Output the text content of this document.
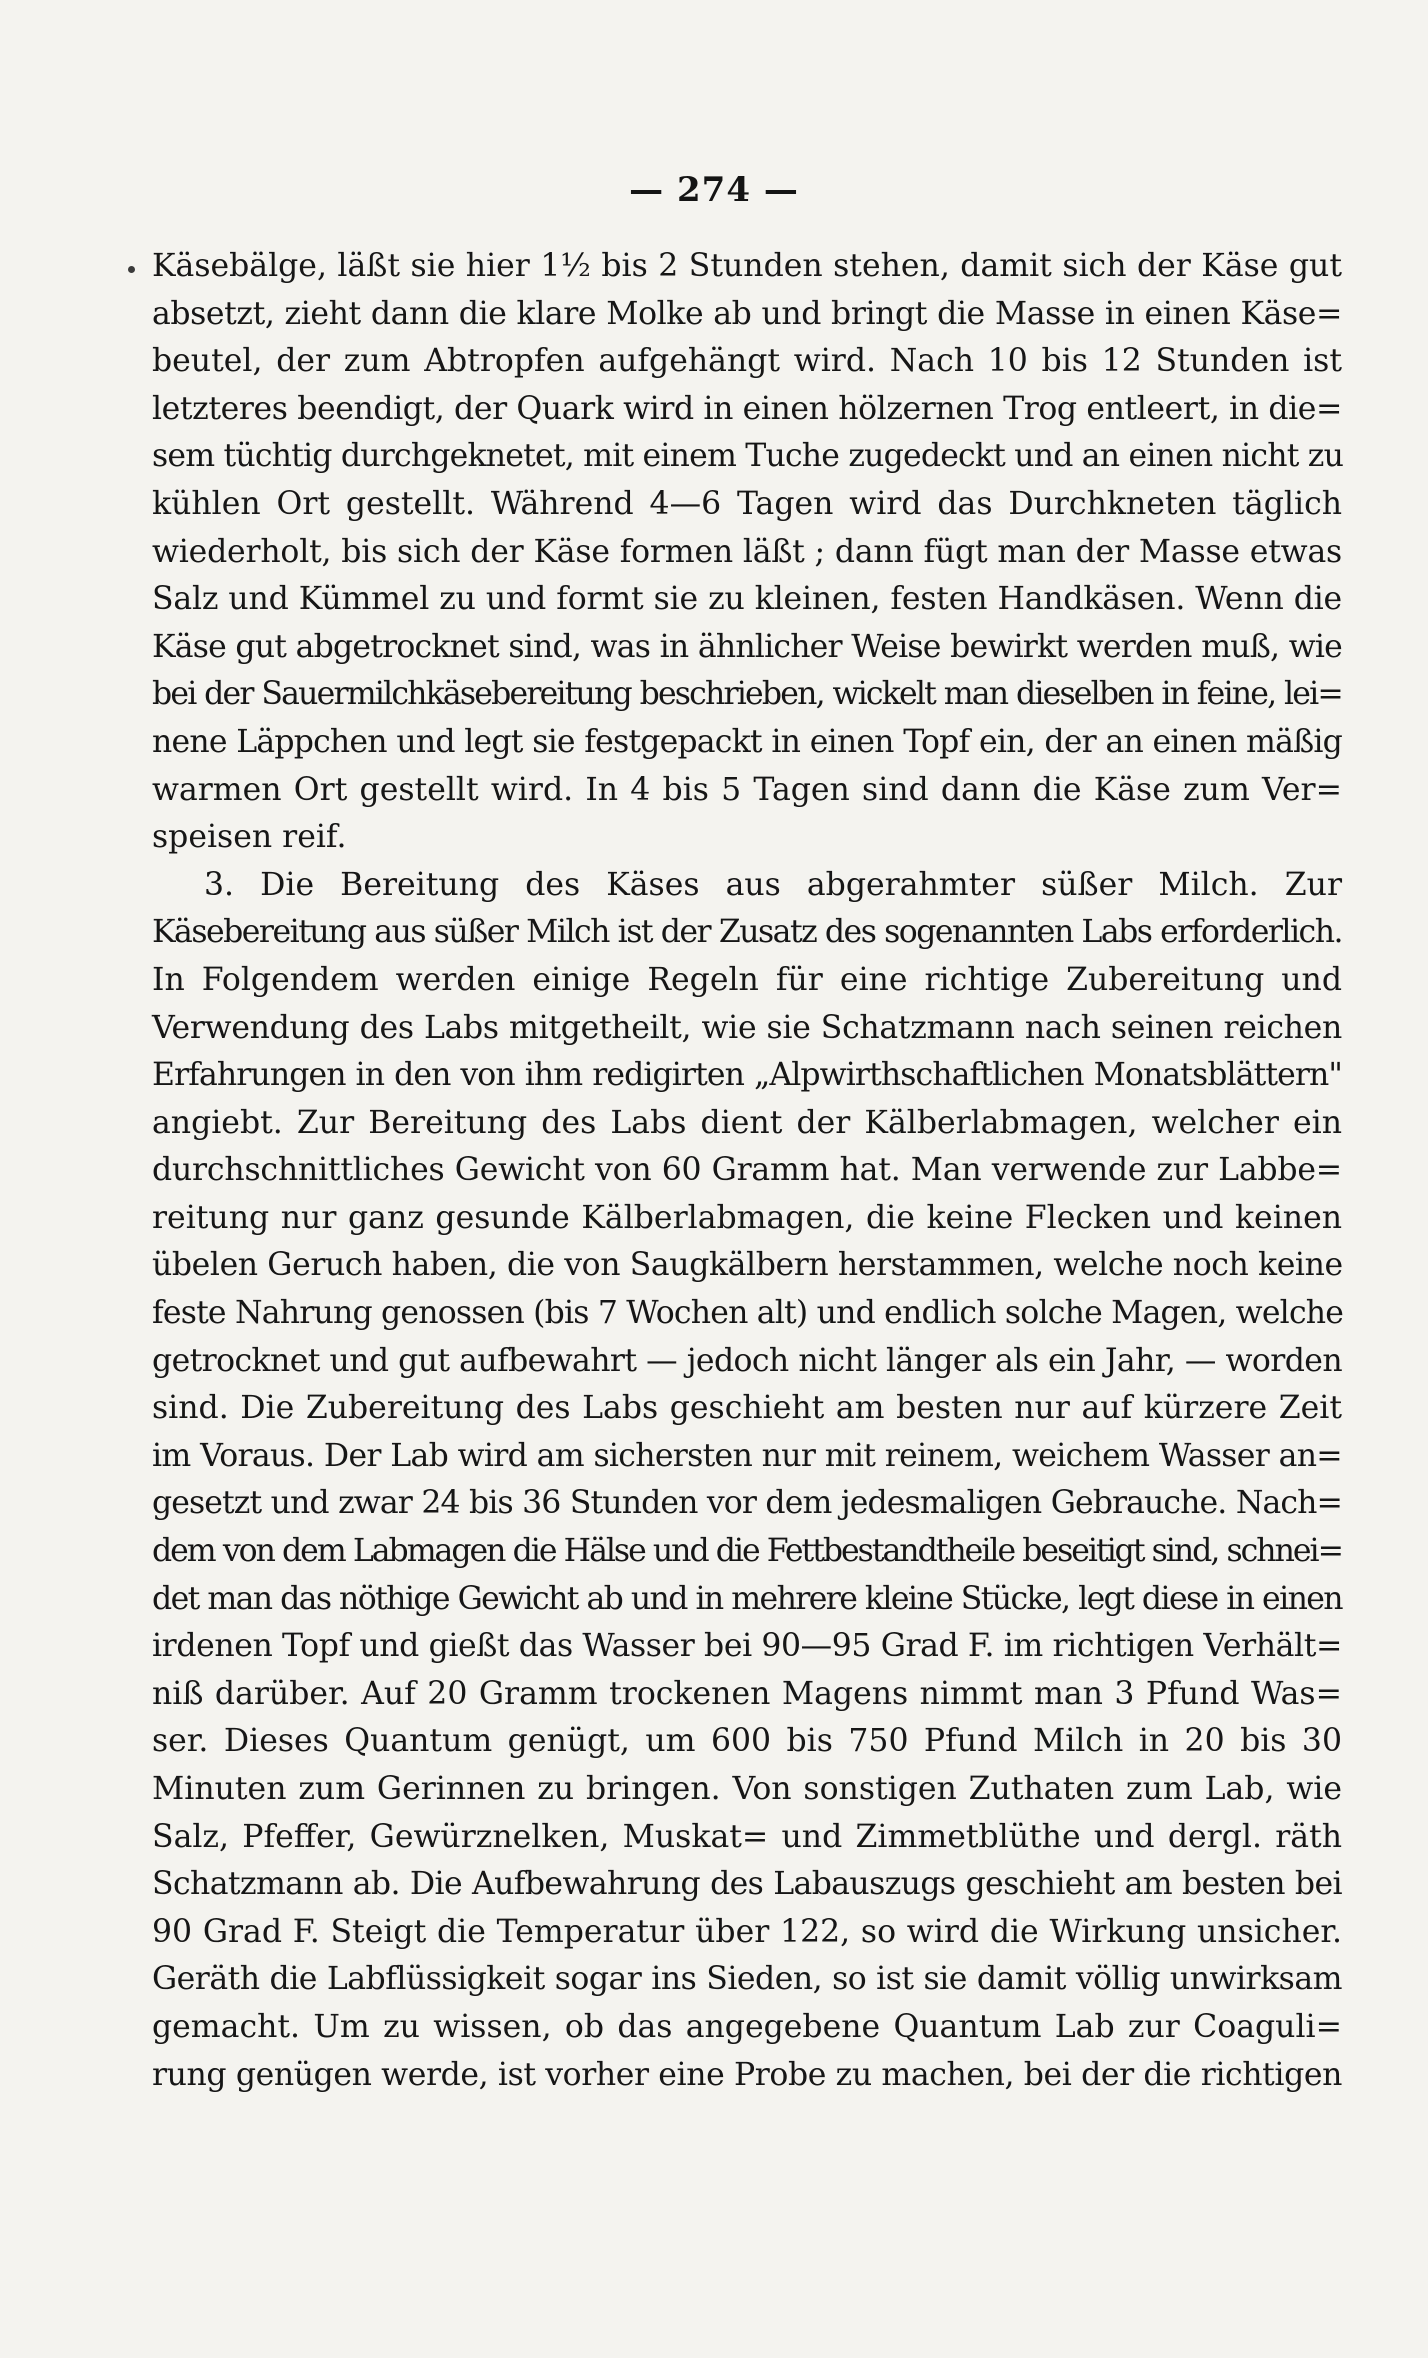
— 274 —
Käsebälge, läßt sie hier 1½ bis 2 Stunden stehen, damit sich der Käse gut
absetzt, zieht dann die klare Molke ab und bringt die Masse in einen Käse=
beutel, der zum Abtropfen aufgehängt wird. Nach 10 bis 12 Stunden ist
letzteres beendigt, der Quark wird in einen hölzernen Trog entleert, in die=
sem tüchtig durchgeknetet, mit einem Tuche zugedeckt und an einen nicht zu
kühlen Ort gestellt. Während 4—6 Tagen wird das Durchkneten täglich
wiederholt, bis sich der Käse formen läßt ; dann fügt man der Masse etwas
Salz und Kümmel zu und formt sie zu kleinen, festen Handkäsen. Wenn die
Käse gut abgetrocknet sind, was in ähnlicher Weise bewirkt werden muß, wie
bei der Sauermilchkäsebereitung beschrieben, wickelt man dieselben in feine, lei=
nene Läppchen und legt sie festgepackt in einen Topf ein, der an einen mäßig
warmen Ort gestellt wird. In 4 bis 5 Tagen sind dann die Käse zum Ver=
speisen reif.
3. Die Bereitung des Käses aus abgerahmter süßer Milch. Zur
Käsebereitung aus süßer Milch ist der Zusatz des sogenannten Labs erforderlich.
In Folgendem werden einige Regeln für eine richtige Zubereitung und
Verwendung des Labs mitgetheilt, wie sie Schatzmann nach seinen reichen
Erfahrungen in den von ihm redigirten „Alpwirthschaftlichen Monatsblättern"
angiebt. Zur Bereitung des Labs dient der Kälberlabmagen, welcher ein
durchschnittliches Gewicht von 60 Gramm hat. Man verwende zur Labbe=
reitung nur ganz gesunde Kälberlabmagen, die keine Flecken und keinen
übelen Geruch haben, die von Saugkälbern herstammen, welche noch keine
feste Nahrung genossen (bis 7 Wochen alt) und endlich solche Magen, welche
getrocknet und gut aufbewahrt — jedoch nicht länger als ein Jahr, — worden
sind. Die Zubereitung des Labs geschieht am besten nur auf kürzere Zeit
im Voraus. Der Lab wird am sichersten nur mit reinem, weichem Wasser an=
gesetzt und zwar 24 bis 36 Stunden vor dem jedesmaligen Gebrauche. Nach=
dem von dem Labmagen die Hälse und die Fettbestandtheile beseitigt sind, schnei=
det man das nöthige Gewicht ab und in mehrere kleine Stücke, legt diese in einen
irdenen Topf und gießt das Wasser bei 90—95 Grad F. im richtigen Verhält=
niß darüber. Auf 20 Gramm trockenen Magens nimmt man 3 Pfund Was=
ser. Dieses Quantum genügt, um 600 bis 750 Pfund Milch in 20 bis 30
Minuten zum Gerinnen zu bringen. Von sonstigen Zuthaten zum Lab, wie
Salz, Pfeffer, Gewürznelken, Muskat= und Zimmetblüthe und dergl. räth
Schatzmann ab. Die Aufbewahrung des Labauszugs geschieht am besten bei
90 Grad F. Steigt die Temperatur über 122, so wird die Wirkung unsicher.
Geräth die Labflüssigkeit sogar ins Sieden, so ist sie damit völlig unwirksam
gemacht. Um zu wissen, ob das angegebene Quantum Lab zur Coaguli=
rung genügen werde, ist vorher eine Probe zu machen, bei der die richtigen
